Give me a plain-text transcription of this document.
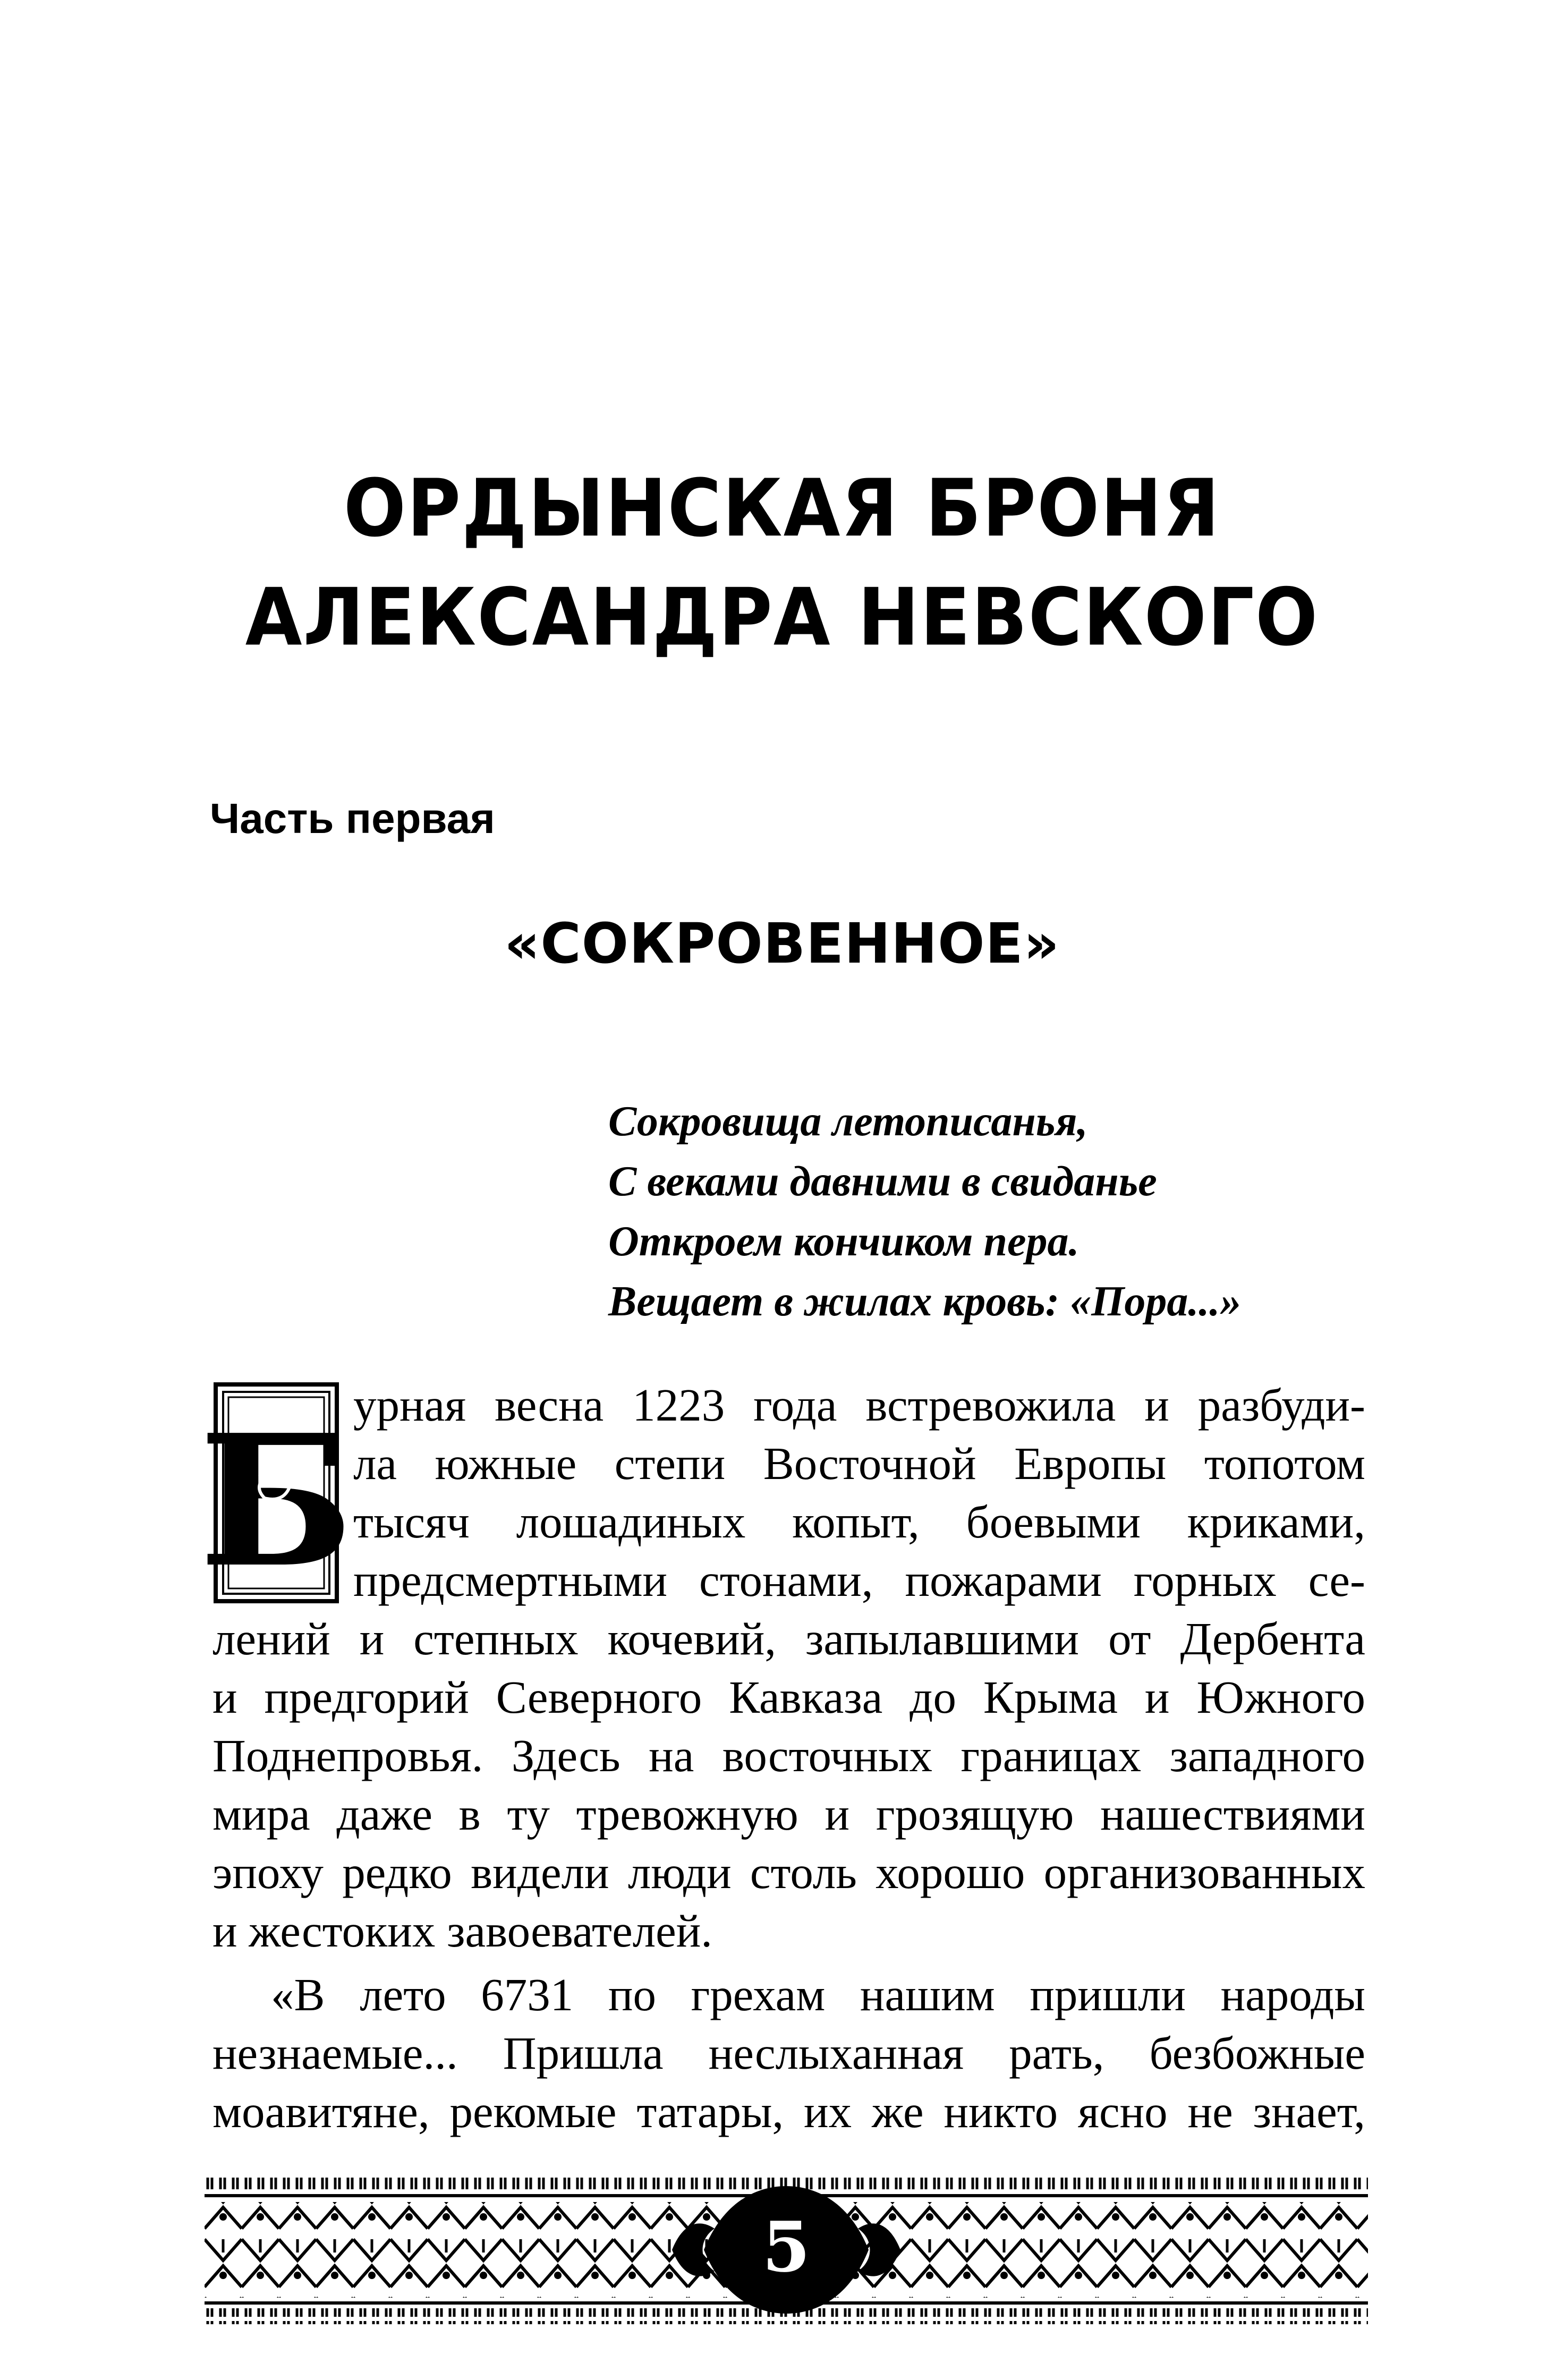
ОРДЫНСКАЯ БРОНЯ
АЛЕКСАНДРА НЕВСКОГО
Часть первая
«СОКРОВЕННОЕ»
Сокровища летописанья,
С веками давними в свиданье
Откроем кончиком пера.
Вещает в жилах кровь: «Пора...»
Б урная весна 1223 года встревожила и разбуди-
ла южные степи Восточной Европы топотом
тысяч лошадиных копыт, боевыми криками,
предсмертными стонами, пожарами горных се-
лений и степных кочевий, запылавшими от Дербента
и предгорий Северного Кавказа до Крыма и Южного
Поднепровья. Здесь на восточных границах западного
мира даже в ту тревожную и грозящую нашествиями
эпоху редко видели люди столь хорошо организованных
и жестоких завоевателей.
«В лето 6731 по грехам нашим пришли народы
незнаемые... Пришла неслыханная рать, безбожные
моавитяне, рекомые татары, их же никто ясно не знает,
5
